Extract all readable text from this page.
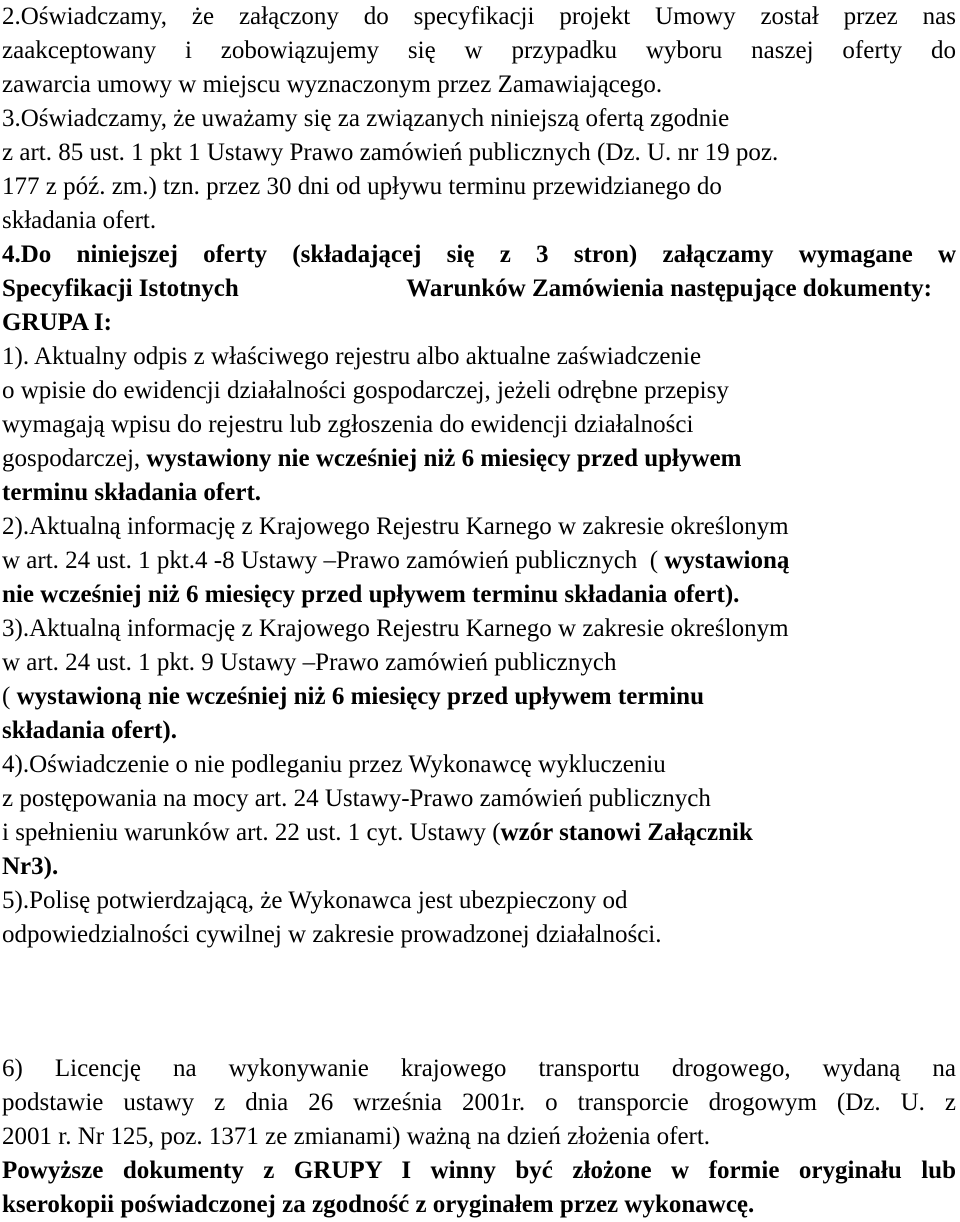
2.Oświadczamy, że załączony do specyfikacji projekt Umowy został przez nas
zaakceptowany i zobowiązujemy się w przypadku wyboru naszej oferty do
zawarcia umowy w miejscu wyznaczonym przez Zamawiającego.
3.Oświadczamy, że uważamy się za związanych niniejszą ofertą zgodnie
z art. 85 ust. 1 pkt 1 Ustawy Prawo zamówień publicznych (Dz. U. nr 19 poz.
177 z póź. zm.) tzn. przez 30 dni od upływu terminu przewidzianego do
składania ofert.
4.Do niniejszej oferty (składającej się z 3 stron) załączamy wymagane w
Specyfikacji Istotnych	Warunków Zamówienia następujące dokumenty:
GRUPA I:
1). Aktualny odpis z właściwego rejestru albo aktualne zaświadczenie
o wpisie do ewidencji działalności gospodarczej, jeżeli odrębne przepisy
wymagają wpisu do rejestru lub zgłoszenia do ewidencji działalności
gospodarczej, wystawiony nie wcześniej niż 6 miesięcy przed upływem
terminu składania ofert.
2).Aktualną informację z Krajowego Rejestru Karnego w zakresie określonym
w art. 24 ust. 1 pkt.4 -8 Ustawy –Prawo zamówień publicznych  ( wystawioną
nie wcześniej niż 6 miesięcy przed upływem terminu składania ofert).
3).Aktualną informację z Krajowego Rejestru Karnego w zakresie określonym
w art. 24 ust. 1 pkt. 9 Ustawy –Prawo zamówień publicznych
( wystawioną nie wcześniej niż 6 miesięcy przed upływem terminu
składania ofert).
4).Oświadczenie o nie podleganiu przez Wykonawcę wykluczeniu
z postępowania na mocy art. 24 Ustawy-Prawo zamówień publicznych
i spełnieniu warunków art. 22 ust. 1 cyt. Ustawy (wzór stanowi Załącznik
Nr3).
5).Polisę potwierdzającą, że Wykonawca jest ubezpieczony od
odpowiedzialności cywilnej w zakresie prowadzonej działalności.
6) Licencję na wykonywanie krajowego transportu drogowego, wydaną na
podstawie ustawy z dnia 26 września 2001r. o transporcie drogowym (Dz. U. z
2001 r. Nr 125, poz. 1371 ze zmianami) ważną na dzień złożenia ofert.
Powyższe dokumenty z GRUPY I winny być złożone w formie oryginału lub
kserokopii poświadczonej za zgodność z oryginałem przez wykonawcę.
